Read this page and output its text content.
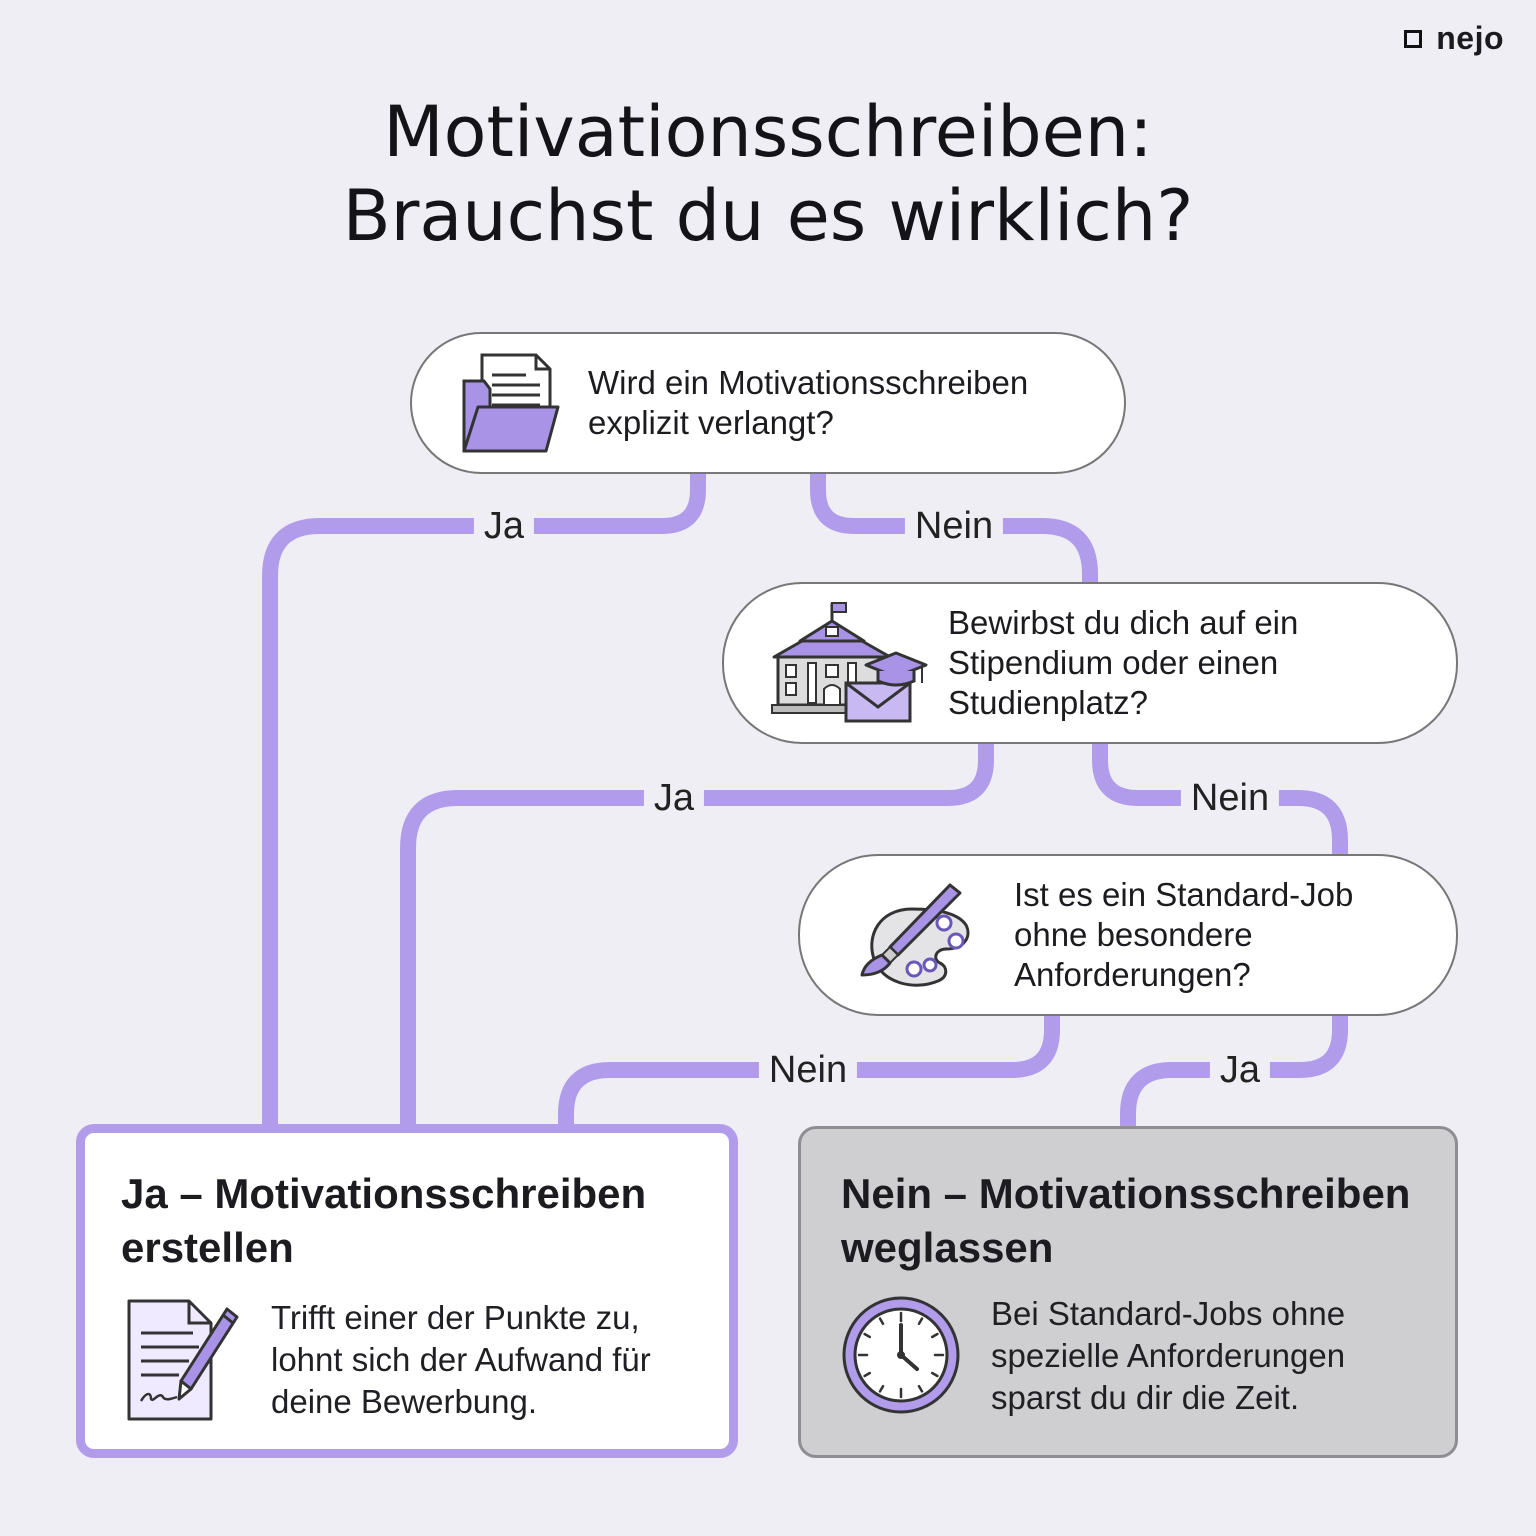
nejo
Motivationsschreiben:
Brauchst du es wirklich?
Ja	Nein
Ja	Nein
Nein	Ja
Wird ein Motivationsschreiben
explizit verlangt?
Bewirbst du dich auf ein
Stipendium oder einen
Studienplatz?
Ist es ein Standard-Job
ohne besondere
Anforderungen?
Ja – Motivationsschreiben
erstellen
Trifft einer der Punkte zu,
lohnt sich der Aufwand für
deine Bewerbung.
Nein – Motivationsschreiben
weglassen
Bei Standard-Jobs ohne
spezielle Anforderungen
sparst du dir die Zeit.
